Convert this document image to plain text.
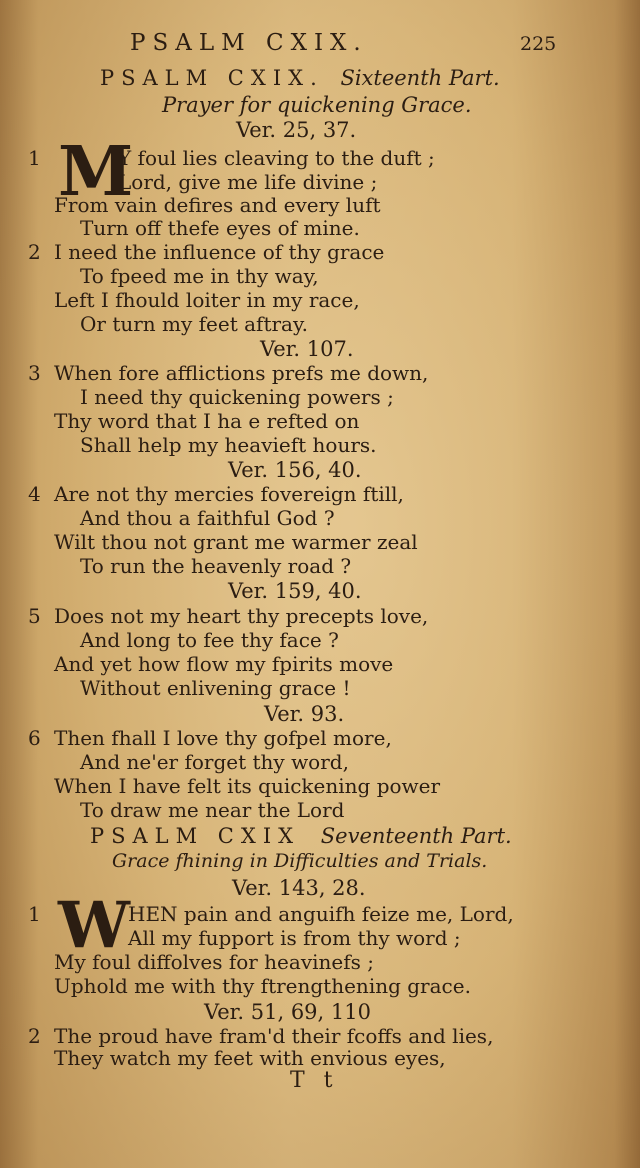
PSALM CXIX.	225
PSALM CXIX. Sixteenth Part.
Prayer for quickening Grace.
Ver. 25, 37.
1 M
Y foul lies cleaving to the duft ;
Lord, give me life divine ;
From vain defires and every luft
Turn off thefe eyes of mine.
2 I need the influence of thy grace
To fpeed me in thy way,
Left I fhould loiter in my race,
Or turn my feet aftray.
Ver. 107.
3 When fore afflictions prefs me down,
I need thy quickening powers ;
Thy word that I ha e refted on
Shall help my heavieft hours.
Ver. 156, 40.
4 Are not thy mercies fovereign ftill,
And thou a faithful God ?
Wilt thou not grant me warmer zeal
To run the heavenly road ?
Ver. 159, 40.
5 Does not my heart thy precepts love,
And long to fee thy face ?
And yet how flow my fpirits move
Without enlivening grace !
Ver. 93.
6 Then fhall I love thy gofpel more,
And ne'er forget thy word,
When I have felt its quickening power
To draw me near the Lord
PSALM CXIX Seventeenth Part.
Grace fhining in Difficulties and Trials.
Ver. 143, 28.
1 W
HEN pain and anguifh feize me, Lord,
All my fupport is from thy word ;
My foul diffolves for heavinefs ;
Uphold me with thy ftrengthening grace.
Ver. 51, 69, 110
2 The proud have fram'd their fcoffs and lies,
They watch my feet with envious eyes,
T t
